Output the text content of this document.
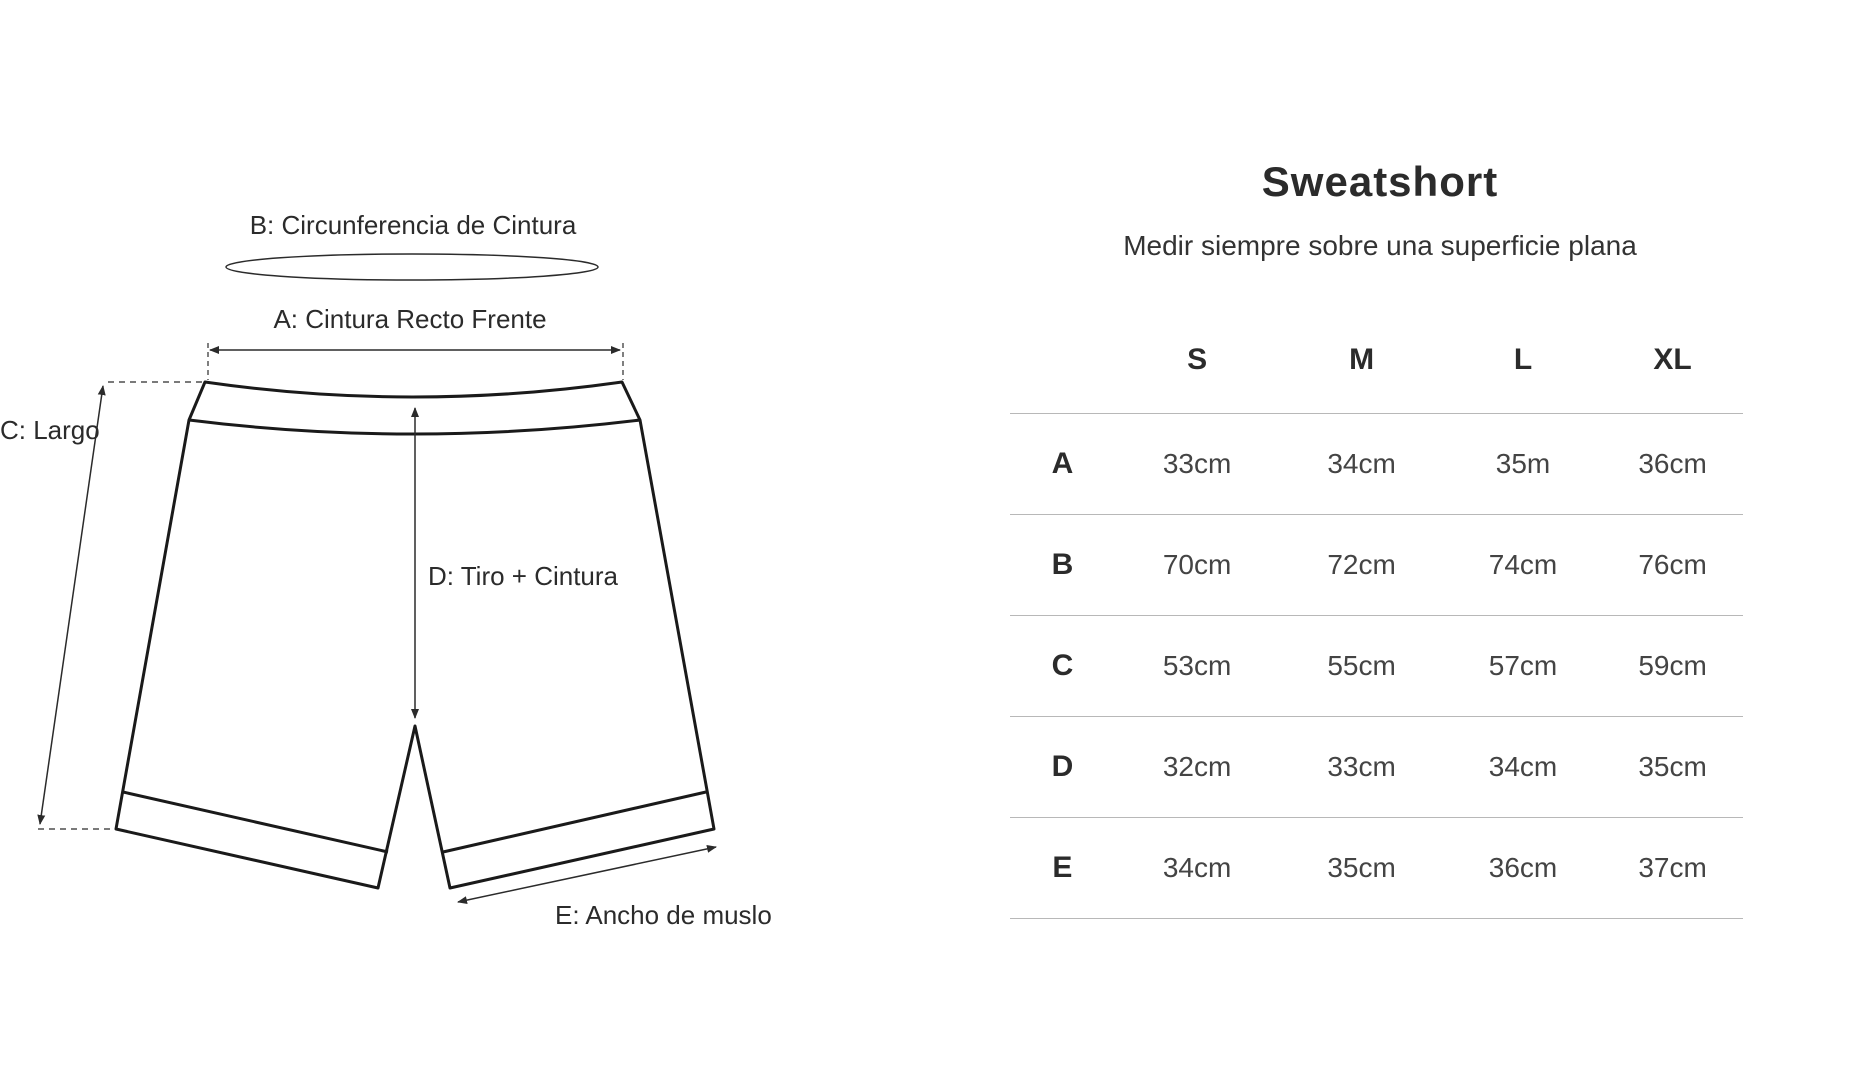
B: Circunferencia de Cintura
A: Cintura Recto Frente
C: Largo
D: Tiro + Cintura
E: Ancho de muslo
Sweatshort
Medir siempre sobre una superficie plana
	S	M	L	XL
A	33cm	34cm	35m	36cm
B	70cm	72cm	74cm	76cm
C	53cm	55cm	57cm	59cm
D	32cm	33cm	34cm	35cm
E	34cm	35cm	36cm	37cm
